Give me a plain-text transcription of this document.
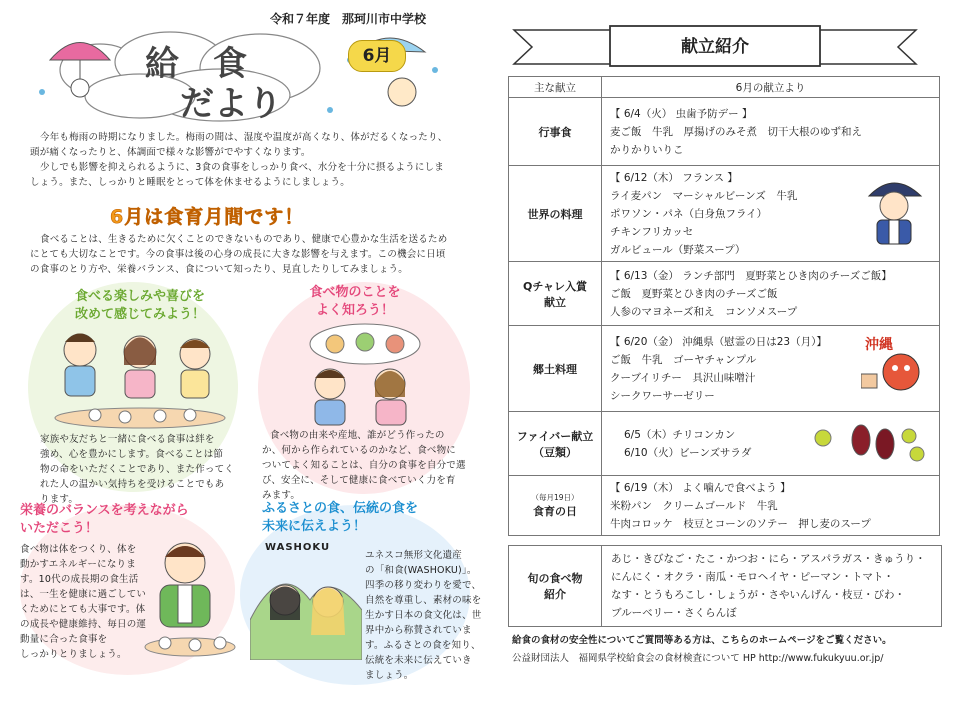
令和７年度　那珂川市中学校
給　食
だより
6月
今年も梅雨の時期になりました。梅雨の間は、湿度や温度が高くなり、体がだるくなったり、
頭が痛くなったりと、体調面で様々な影響がでやすくなります。
少しでも影響を抑えられるように、3食の食事をしっかり食べ、水分を十分に摂るようにしま
しょう。また、しっかりと睡眠をとって体を休ませるようにしましょう。
6月は食育月間です！
食べることは、生きるために欠くことのできないものであり、健康で心豊かな生活を送るため
にとても大切なことです。今の食事は後の心身の成長に大きな影響を与えます。この機会に日頃
の食事のとり方や、栄養バランス、食について知ったり、見直したりしてみましょう。
食べる楽しみや喜びを
改めて感じてみよう！
家族や友だちと一緒に食べる食事は絆を
強め、心を豊かにします。食べることは節
物の命をいただくことであり、また作ってく
れた人の温かい気持ちを受けることでもあ
ります。
食べ物のことを
よく知ろう！
食べ物の由来や産地、誰がどう作ったの
か、何から作られているのかなど、食べ物に
ついてよく知ることは、自分の食事を自分で選
び、安全に、そして健康に食べていく力を育
みます。
栄養のバランスを考えながら
いただこう！
食べ物は体をつくり、体を
動かすエネルギーになりま
す。10代の成長期の食生活
は、一生を健康に過ごしてい
くためにとても大事です。体
の成長や健康維持、毎日の運
動量に合った食事を
しっかりとりましょう。
ふるさとの食、伝統の食を
未来に伝えよう！
WASHOKU
ユネスコ無形文化遺産
の「和食(WASHOKU)」。
四季の移り変わりを愛で、
自然を尊重し、素材の味を
生かす日本の食文化は、世
界中から称賛されていま
す。ふるさとの食を知り、
伝統を未来に伝えていき
ましょう。
献立紹介
主な献立	6月の献立より

行事食	【 6/4（火） 虫歯予防デー 】
麦ご飯　牛乳　厚揚げのみそ煮　切干大根のゆず和え
かりかりいりこ

世界の料理	【 6/12（木） フランス 】
ライ麦パン　マーシャルビーンズ　牛乳
ポワソン・パネ（白身魚フライ）
チキンフリカッセ
ガルビュール（野菜スープ）

Qチャレ入賞
献立	【 6/13（金） ランチ部門　夏野菜とひき肉のチーズご飯】
ご飯　夏野菜とひき肉のチーズご飯
人参のマヨネーズ和え　コンソメスープ

郷土料理	【 6/20（金） 沖縄県（慰霊の日は23（月）】
ご飯　牛乳　ゴーヤチャンプル
クーブイリチー　具沢山味噌汁
シークワーサーゼリー
沖縄

ファイバー献立
（豆類）	6/5（木）チリコンカン
6/10（火）ビーンズサラダ

（毎月19日）
食育の日	【 6/19（木） よく噛んで食べよう 】
米粉パン　クリームゴールド　牛乳
牛肉コロッケ　枝豆とコーンのソテー　押し麦のスープ
旬の食べ物
紹介
あじ・きびなご・たこ・かつお・にら・アスパラガス・きゅうり・
にんにく・オクラ・南瓜・モロヘイヤ・ピーマン・トマト・
なす・とうもろこし・しょうが・さやいんげん・枝豆・びわ・
ブルーベリー・さくらんぼ
給食の食材の安全性についてご質問等ある方は、こちらのホームページをご覧ください。
公益財団法人　福岡県学校給食会の食材検査について HP http://www.fukukyuu.or.jp/
